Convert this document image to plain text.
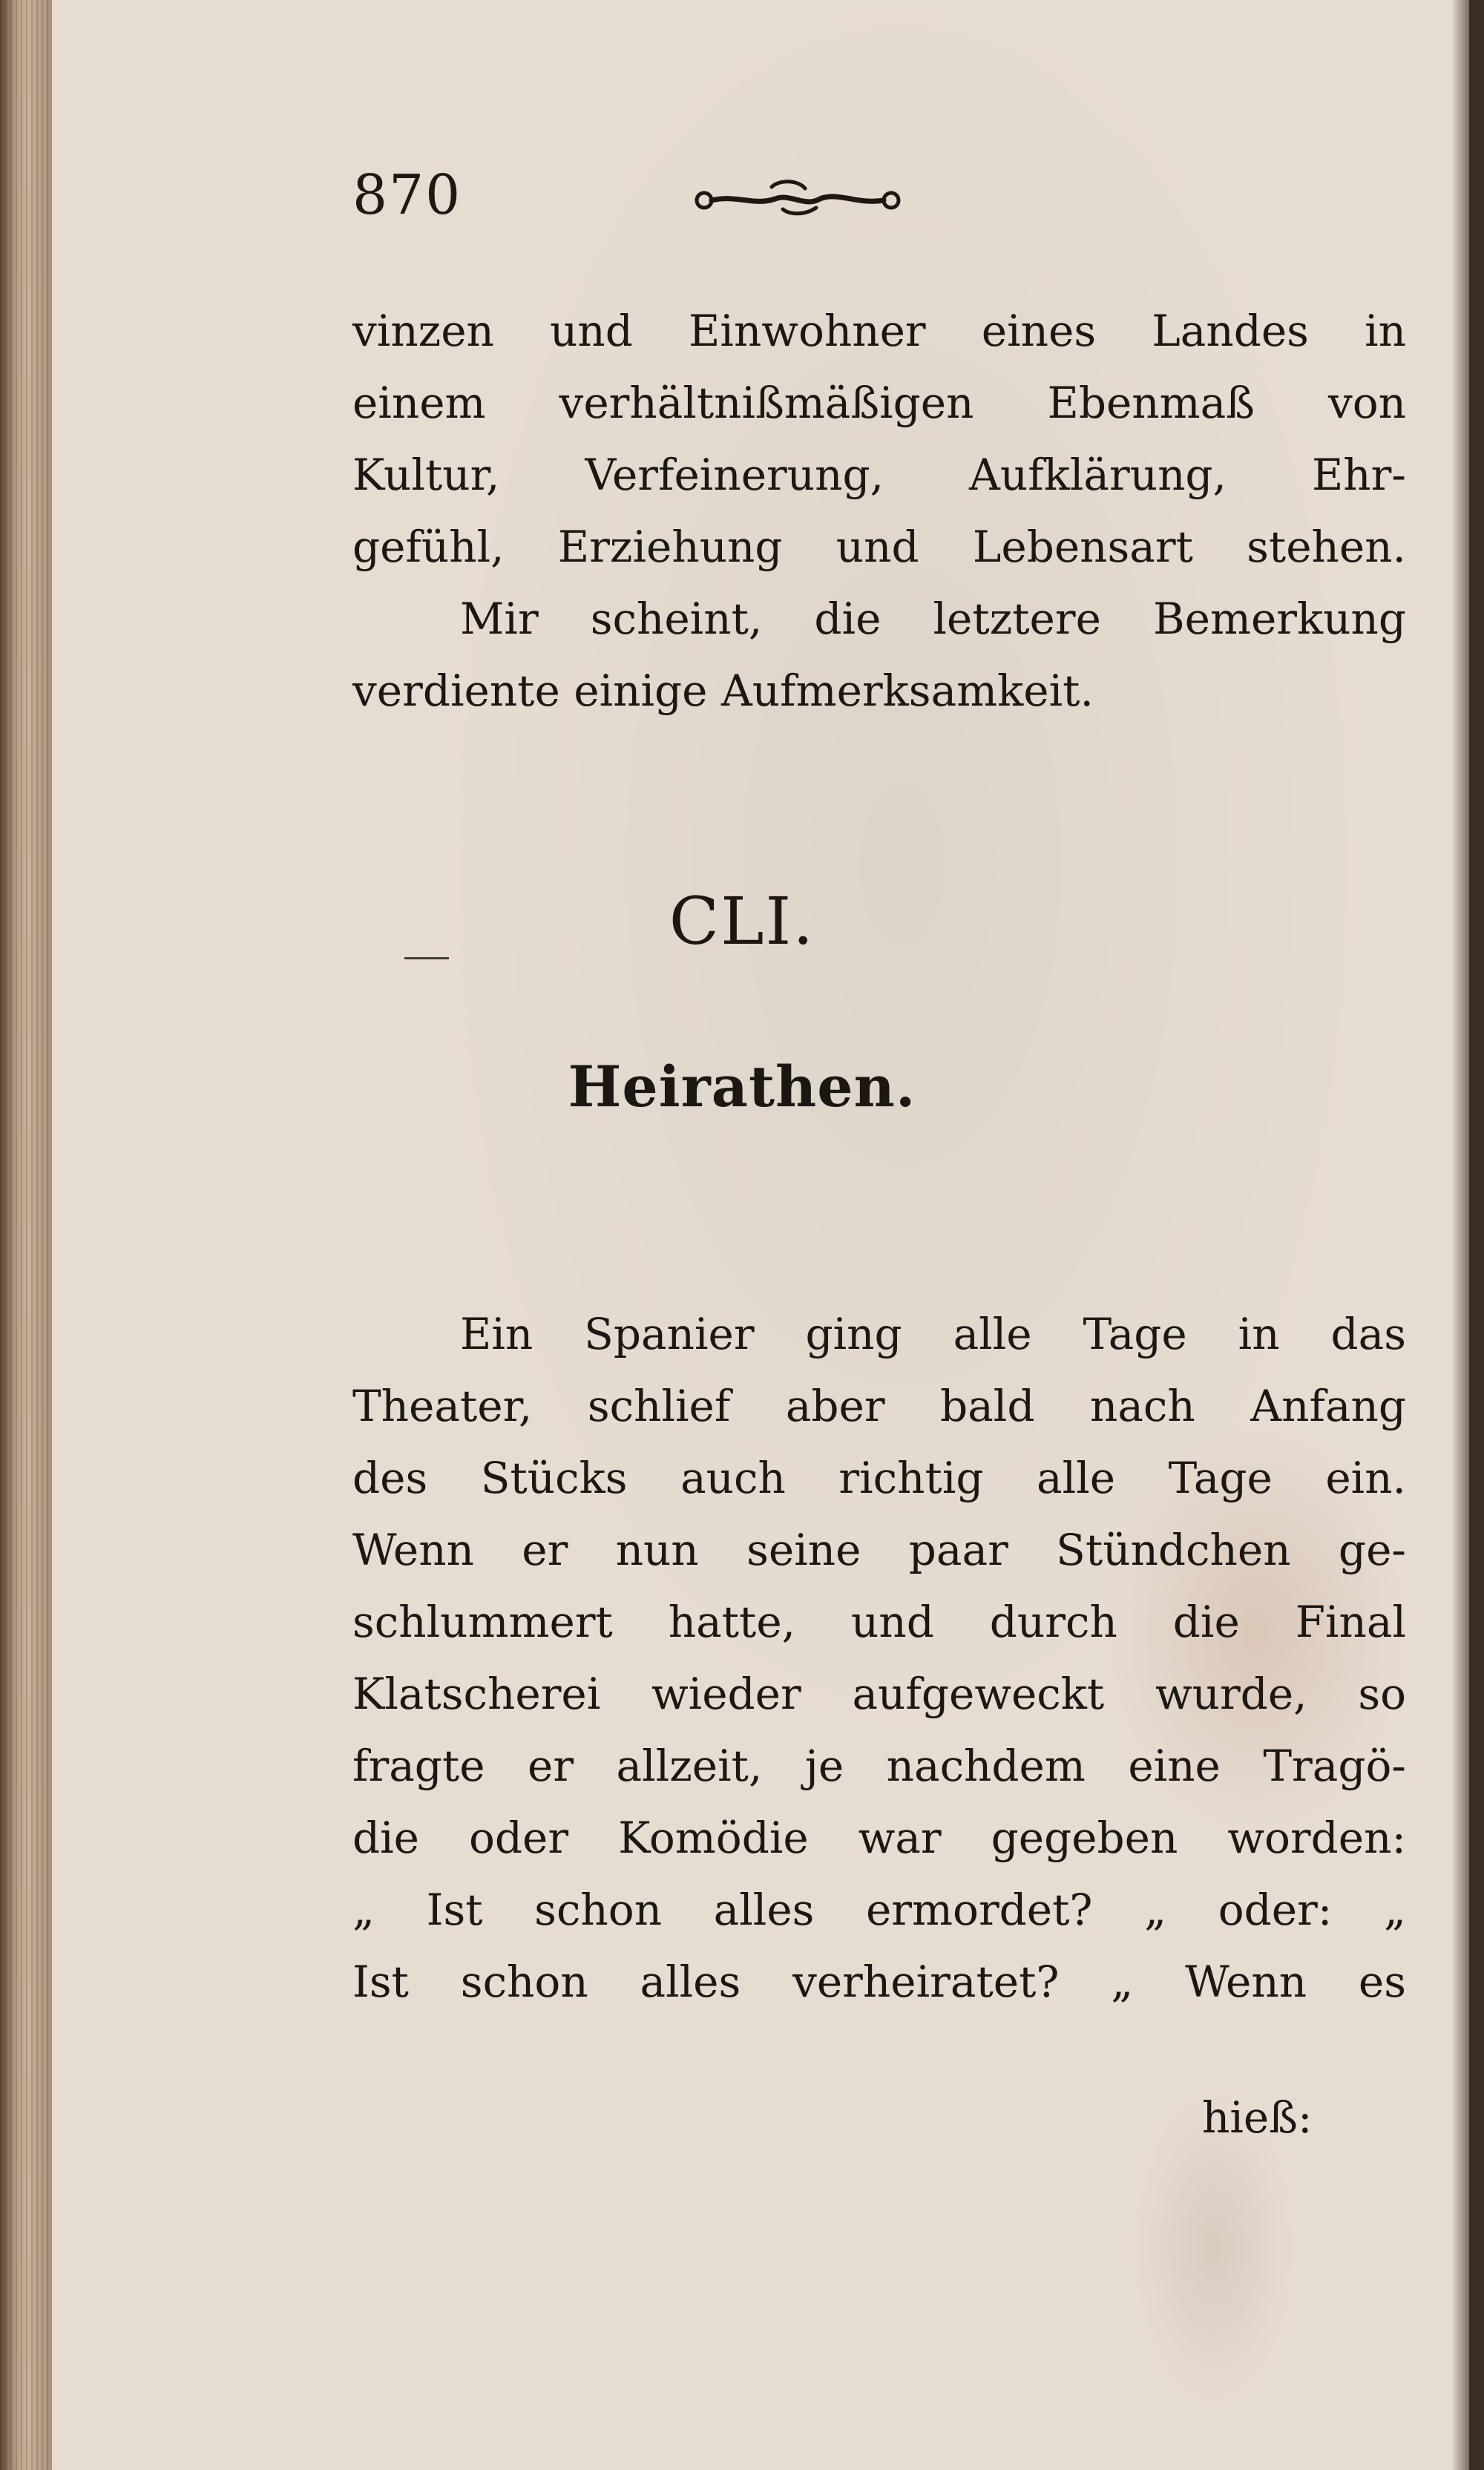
870
vinzen und Einwohner eines Landes in
einem verhältnißmäßigen Ebenmaß von
Kultur, Verfeinerung, Aufklärung, Ehr-
gefühl, Erziehung und Lebensart stehen.
Mir scheint, die letztere Bemerkung
verdiente einige Aufmerksamkeit.
CLI.
Heirathen.
Ein Spanier ging alle Tage in das
Theater, schlief aber bald nach Anfang
des Stücks auch richtig alle Tage ein.
Wenn er nun seine paar Stündchen ge-
schlummert hatte, und durch die Final
Klatscherei wieder aufgeweckt wurde, so
fragte er allzeit, je nachdem eine Tragö-
die oder Komödie war gegeben worden:
„ Ist schon alles ermordet? „ oder: „
Ist schon alles verheiratet? „ Wenn es
hieß:
